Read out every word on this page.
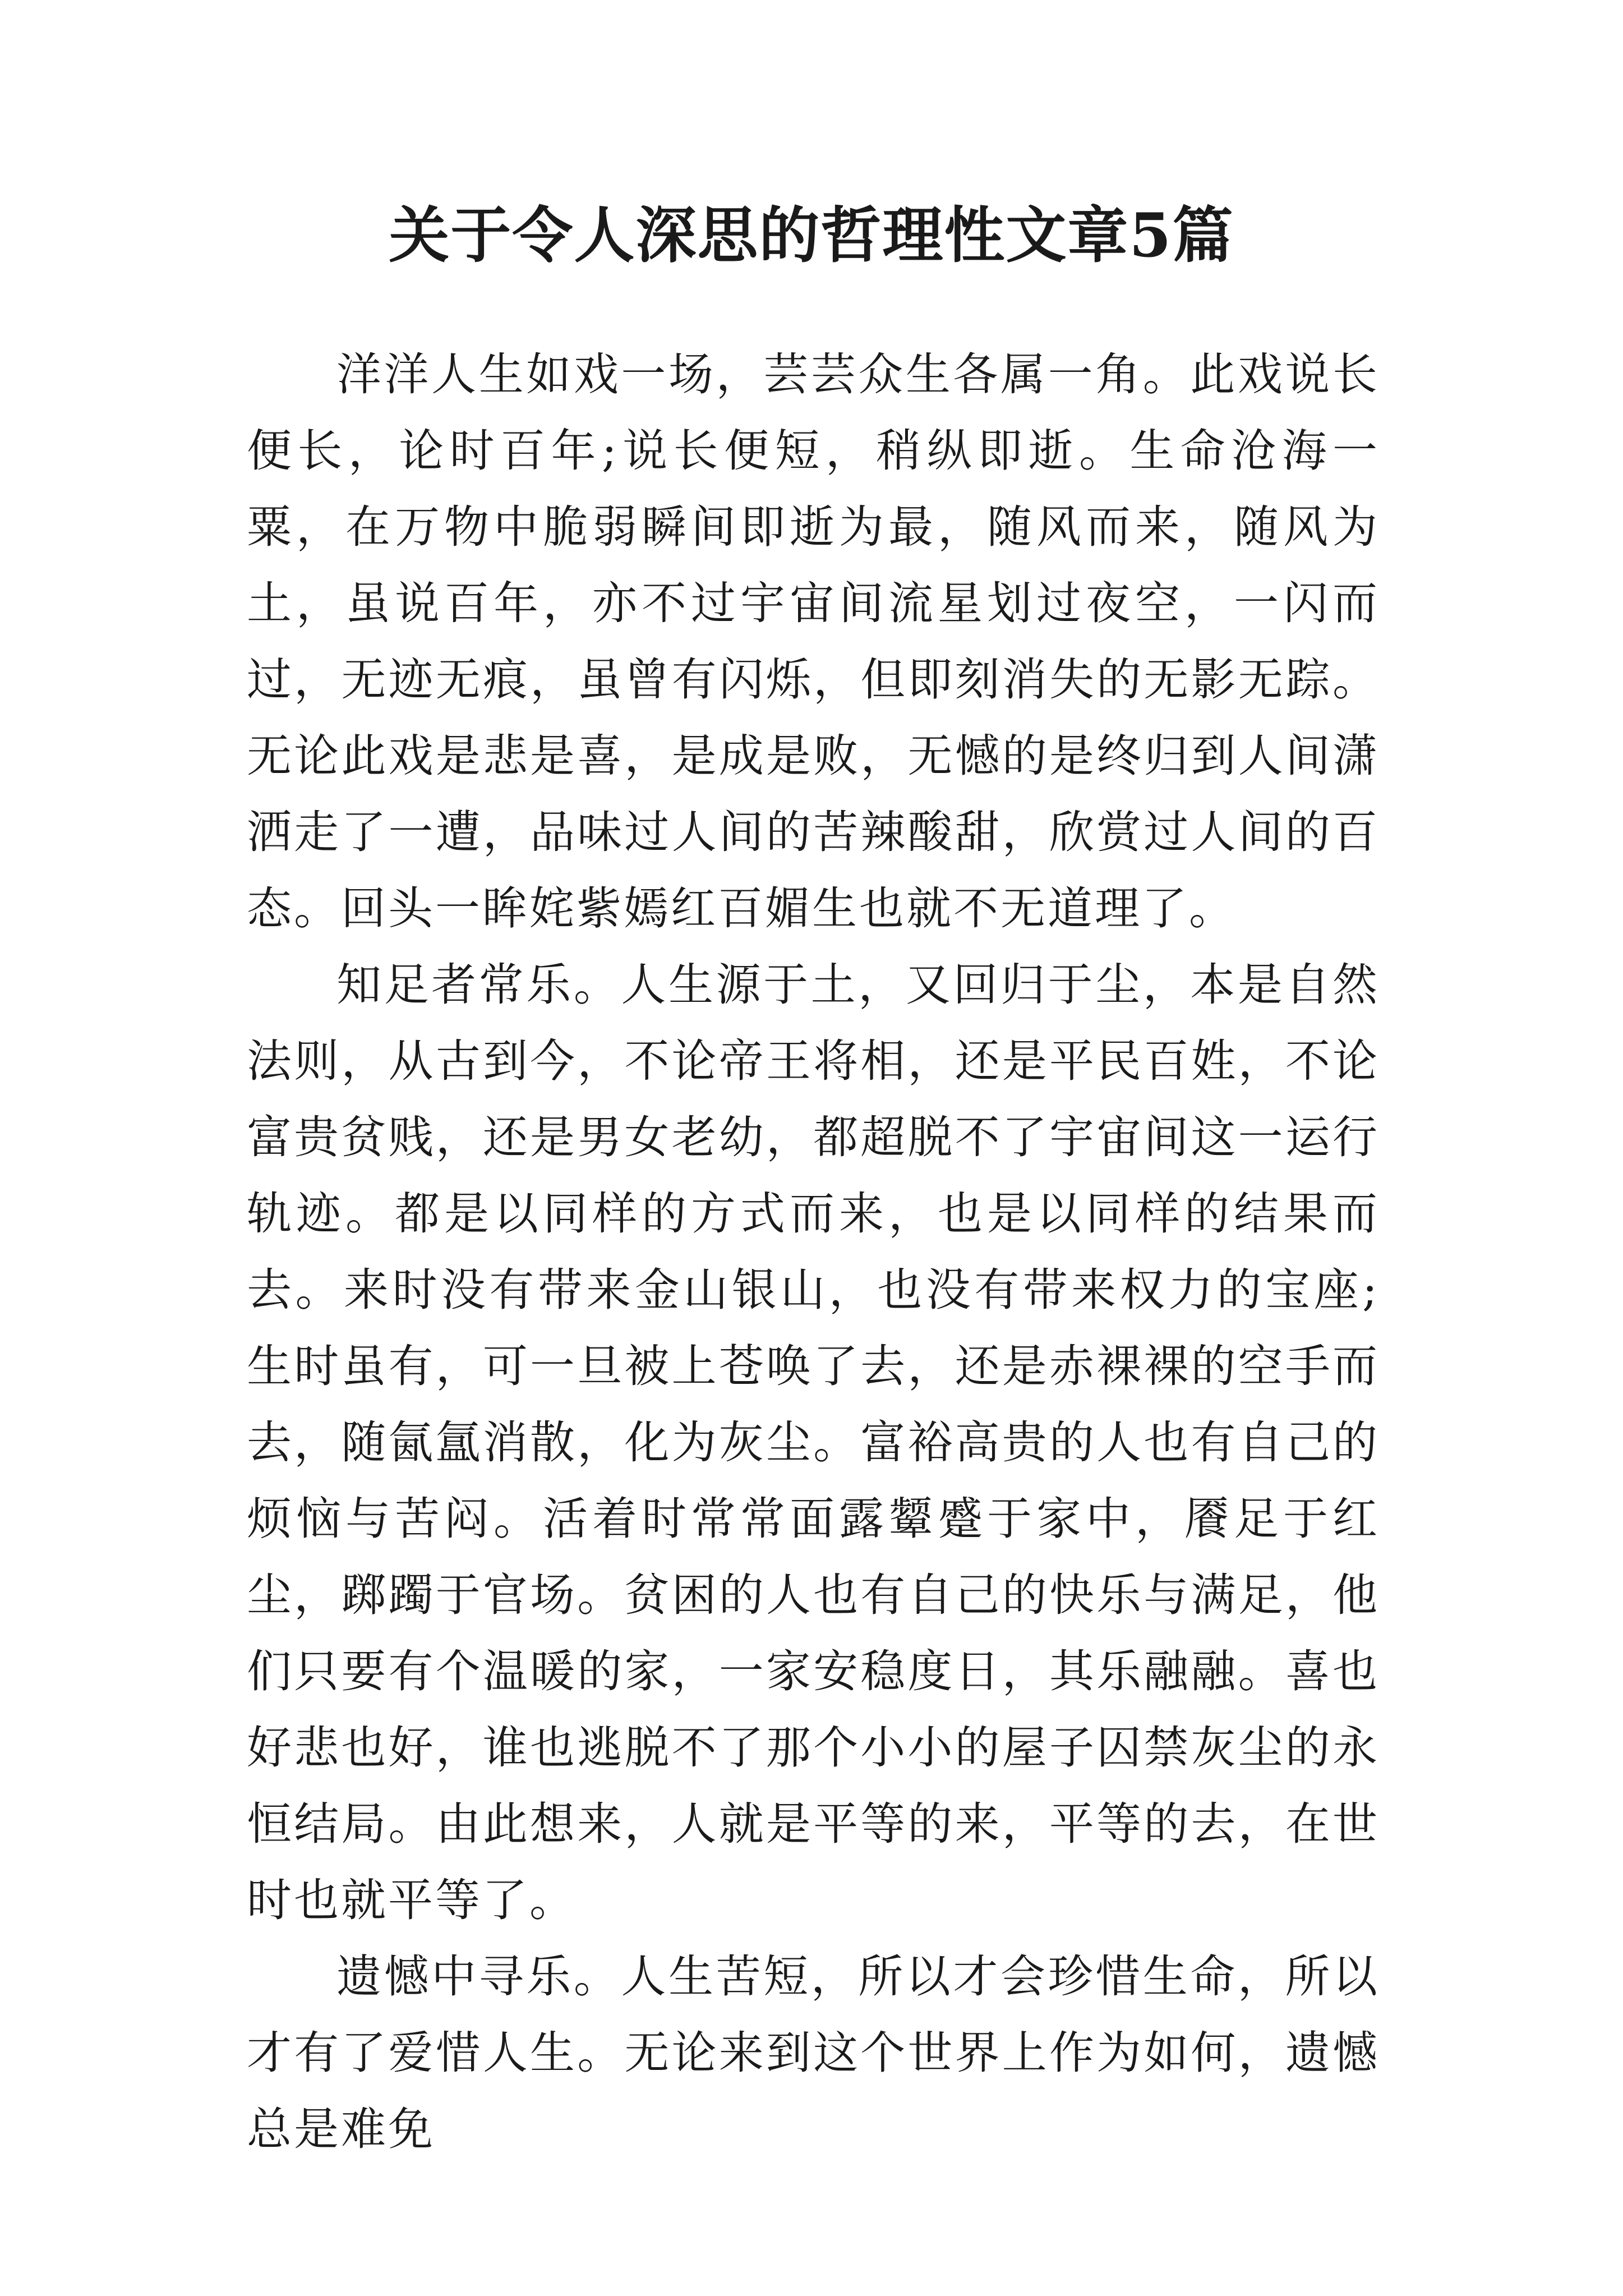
关于令人深思的哲理性文章5篇

洋洋人生如戏一场，芸芸众生各属一角。此戏说长便长，论时百年;说长便短，稍纵即逝。生命沧海一粟，在万物中脆弱瞬间即逝为最，随风而来，随风为土，虽说百年，亦不过宇宙间流星划过夜空，一闪而过，无迹无痕，虽曾有闪烁，但即刻消失的无影无踪。无论此戏是悲是喜，是成是败，无憾的是终归到人间潇洒走了一遭，品味过人间的苦辣酸甜，欣赏过人间的百态。回头一眸姹紫嫣红百媚生也就不无道理了。

知足者常乐。人生源于土，又回归于尘，本是自然法则，从古到今，不论帝王将相，还是平民百姓，不论富贵贫贱，还是男女老幼，都超脱不了宇宙间这一运行轨迹。都是以同样的方式而来，也是以同样的结果而去。来时没有带来金山银山，也没有带来权力的宝座;生时虽有，可一旦被上苍唤了去，还是赤裸裸的空手而去，随氤氲消散，化为灰尘。富裕高贵的人也有自己的烦恼与苦闷。活着时常常面露颦蹙于家中，餍足于红尘，踯躅于官场。贫困的人也有自己的快乐与满足，他们只要有个温暖的家，一家安稳度日，其乐融融。喜也好悲也好，谁也逃脱不了那个小小的屋子囚禁灰尘的永恒结局。由此想来，人就是平等的来，平等的去，在世时也就平等了。

遗憾中寻乐。人生苦短，所以才会珍惜生命，所以才有了爱惜人生。无论来到这个世界上作为如何，遗憾总是难免
